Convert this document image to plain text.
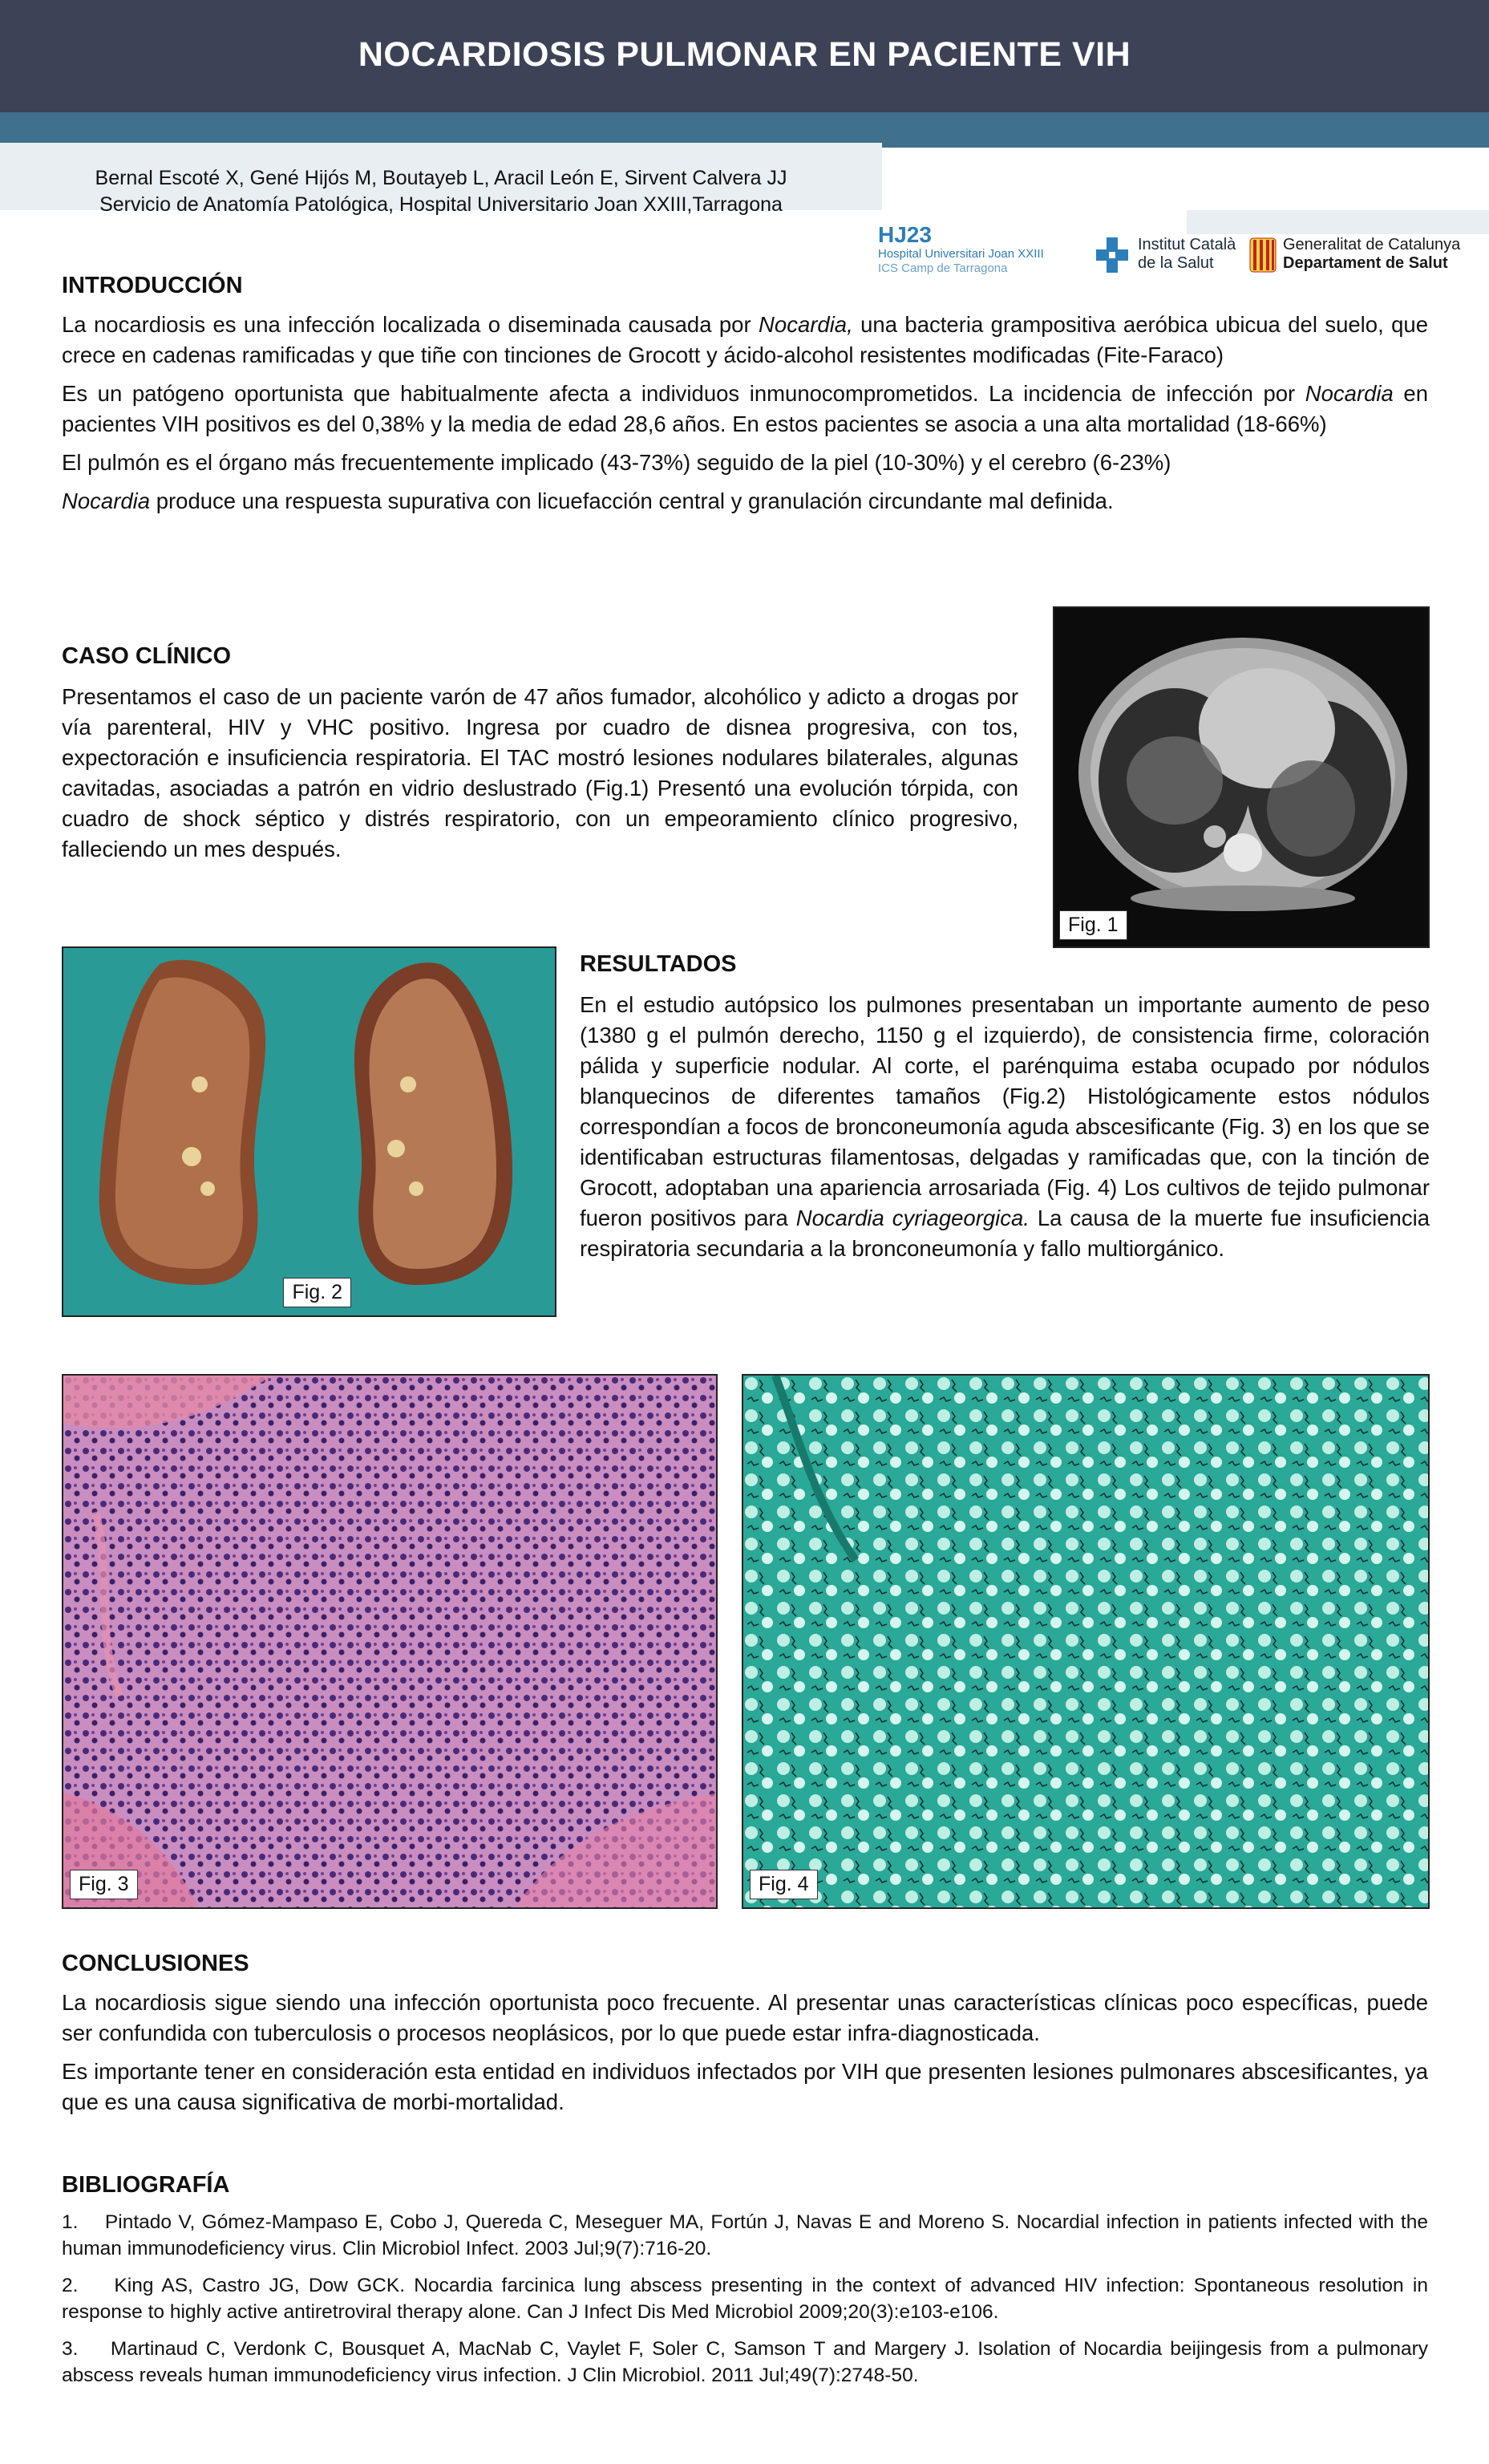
NOCARDIOSIS PULMONAR EN PACIENTE VIH
Bernal Escoté X, Gené Hijós M, Boutayeb L, Aracil León E, Sirvent Calvera JJ
Servicio de Anatomía Patológica, Hospital Universitario Joan XXIII,Tarragona
HJ23
Hospital Universitari Joan XXIII
ICS Camp de Tarragona
Institut Català
de la Salut
Generalitat de Catalunya
Departament de Salut
INTRODUCCIÓN

La nocardiosis es una infección localizada o diseminada causada por Nocardia, una bacteria grampositiva aeróbica ubicua del suelo, que crece en cadenas ramificadas y que tiñe con tinciones de Grocott y ácido-alcohol resistentes modificadas (Fite-Faraco)

Es un patógeno oportunista que habitualmente afecta a individuos inmunocomprometidos. La incidencia de infección por Nocardia en pacientes VIH positivos es del 0,38% y la media de edad 28,6 años. En estos pacientes se asocia a una alta mortalidad (18-66%)

El pulmón es el órgano más frecuentemente implicado (43-73%) seguido de la piel (10-30%) y el cerebro (6-23%)

Nocardia produce una respuesta supurativa con licuefacción central y granulación circundante mal definida.

CASO CLÍNICO

Presentamos el caso de un paciente varón de 47 años fumador, alcohólico y adicto a drogas por vía parenteral, HIV y VHC positivo. Ingresa por cuadro de disnea progresiva, con tos, expectoración e insuficiencia respiratoria. El TAC mostró lesiones nodulares bilaterales, algunas cavitadas, asociadas a patrón en vidrio deslustrado (Fig.1) Presentó una evolución tórpida, con cuadro de shock séptico y distrés respiratorio, con un empeoramiento clínico progresivo, falleciendo un mes después.

Fig. 1
Fig. 2
RESULTADOS

En el estudio autópsico los pulmones presentaban un importante aumento de peso (1380 g el pulmón derecho, 1150 g el izquierdo), de consistencia firme, coloración pálida y superficie nodular. Al corte, el parénquima estaba ocupado por nódulos blanquecinos de diferentes tamaños (Fig.2) Histológicamente estos nódulos correspondían a focos de bronconeumonía aguda abscesificante (Fig. 3) en los que se identificaban estructuras filamentosas, delgadas y ramificadas que, con la tinción de Grocott, adoptaban una apariencia arrosariada (Fig. 4) Los cultivos de tejido pulmonar fueron positivos para Nocardia cyriageorgica. La causa de la muerte fue insuficiencia respiratoria secundaria a la bronconeumonía y fallo multiorgánico.

Fig. 3	Fig. 4
CONCLUSIONES

La nocardiosis sigue siendo una infección oportunista poco frecuente. Al presentar unas características clínicas poco específicas, puede ser confundida con tuberculosis o procesos neoplásicos, por lo que puede estar infra-diagnosticada.

Es importante tener en consideración esta entidad en individuos infectados por VIH que presenten lesiones pulmonares abscesificantes, ya que es una causa significativa de morbi-mortalidad.

BIBLIOGRAFÍA
1.    Pintado V, Gómez-Mampaso E, Cobo J, Quereda C, Meseguer MA, Fortún J, Navas E and Moreno S. Nocardial infection in patients infected with the human immunodeficiency virus. Clin Microbiol Infect. 2003 Jul;9(7):716-20.
2.    King AS, Castro JG, Dow GCK. Nocardia farcinica lung abscess presenting in the context of advanced HIV infection: Spontaneous resolution in response to highly active antiretroviral therapy alone. Can J Infect Dis Med Microbiol 2009;20(3):e103-e106.
3.    Martinaud C, Verdonk C, Bousquet A, MacNab C, Vaylet F, Soler C, Samson T and Margery J. Isolation of Nocardia beijingesis from a pulmonary abscess reveals human immunodeficiency virus infection. J Clin Microbiol. 2011 Jul;49(7):2748-50.
